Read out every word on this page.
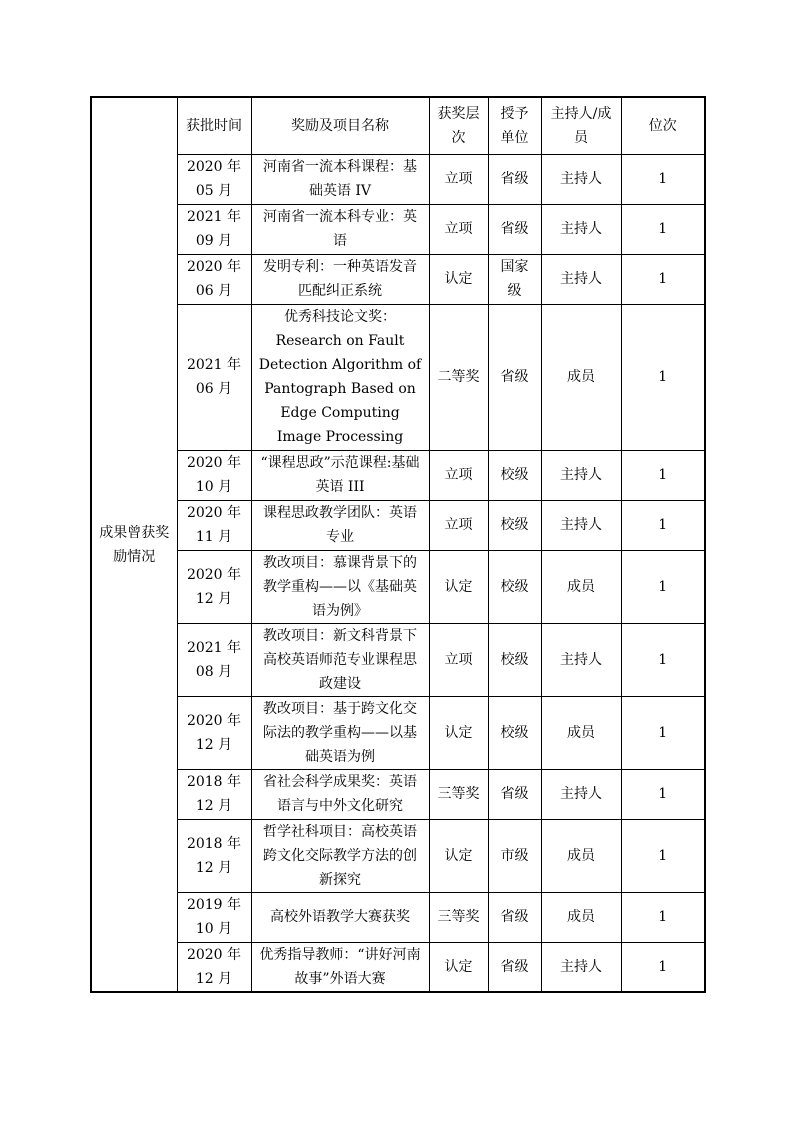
成果曾获奖励情况	获批时间	奖励及项目名称	获奖层次	授予单位	主持人/成员	位次
	2020 年 05 月	河南省一流本科课程：基础英语 IV	立项	省级	主持人	1
	2021 年 09 月	河南省一流本科专业：英语	立项	省级	主持人	1
	2020 年 06 月	发明专利：一种英语发音匹配纠正系统	认定	国家级	主持人	1
	2021 年 06 月	优秀科技论文奖：Research on Fault Detection Algorithm of Pantograph Based on Edge Computing Image Processing	二等奖	省级	成员	1
	2020 年 10 月	“课程思政”示范课程:基础英语 III	立项	校级	主持人	1
	2020 年 11 月	课程思政教学团队：英语专业	立项	校级	主持人	1
	2020 年 12 月	教改项目：慕课背景下的教学重构——以《基础英语为例》	认定	校级	成员	1
	2021 年 08 月	教改项目：新文科背景下高校英语师范专业课程思政建设	立项	校级	主持人	1
	2020 年 12 月	教改项目：基于跨文化交际法的教学重构——以基础英语为例	认定	校级	成员	1
	2018 年 12 月	省社会科学成果奖：英语语言与中外文化研究	三等奖	省级	主持人	1
	2018 年 12 月	哲学社科项目：高校英语跨文化交际教学方法的创新探究	认定	市级	成员	1
	2019 年 10 月	高校外语教学大赛获奖	三等奖	省级	成员	1
	2020 年 12 月	优秀指导教师：“讲好河南故事”外语大赛	认定	省级	主持人	1
